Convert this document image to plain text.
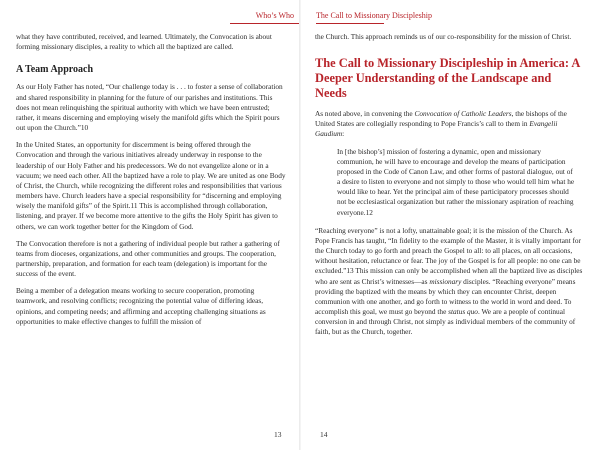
Who’s Who	The Call to Missionary Discipleship

what they have contributed, received, and learned. Ultimately, the Convocation is about forming missionary disciples, a reality to which all the baptized are called.

A Team Approach

As our Holy Father has noted, “Our challenge today is . . . to foster a sense of collaboration and shared responsibility in planning for the future of our parishes and institutions. This does not mean relinquishing the spiritual authority with which we have been entrusted; rather, it means discerning and employing wisely the manifold gifts which the Spirit pours out upon the Church.”10

In the United States, an opportunity for discernment is being offered through the Convocation and through the various initiatives already underway in response to the leadership of our Holy Father and his predecessors. We do not evangelize alone or in a vacuum; we need each other. All the baptized have a role to play. We are united as one Body of Christ, the Church, while recognizing the different roles and responsibilities that various members have. Church leaders have a special responsibility for “discerning and employing wisely the manifold gifts” of the Spirit.11 This is accomplished through collaboration, listening, and prayer. If we become more attentive to the gifts the Holy Spirit has given to others, we can work together better for the Kingdom of God.

The Convocation therefore is not a gathering of individual people but rather a gathering of teams from dioceses, organizations, and other communities and groups. The cooperation, partnership, preparation, and formation for each team (delegation) is important for the success of the event.

Being a member of a delegation means working to secure cooperation, promoting teamwork, and resolving conflicts; recognizing the potential value of differing ideas, opinions, and competing needs; and affirming and accepting challenging situations as opportunities to make effective changes to fulfill the mission of

the Church. This approach reminds us of our co-responsibility for the mission of Christ.

The Call to Missionary Discipleship in America: A Deeper Understanding of the Landscape and Needs

As noted above, in convening the Convocation of Catholic Leaders, the bishops of the United States are collegially responding to Pope Francis’s call to them in Evangelii Gaudium:

In [the bishop’s] mission of fostering a dynamic, open and missionary communion, he will have to encourage and develop the means of participation proposed in the Code of Canon Law, and other forms of pastoral dialogue, out of a desire to listen to everyone and not simply to those who would tell him what he would like to hear. Yet the principal aim of these participatory processes should not be ecclesiastical organization but rather the missionary aspiration of reaching everyone.12

“Reaching everyone” is not a lofty, unattainable goal; it is the mission of the Church. As Pope Francis has taught, “In fidelity to the example of the Master, it is vitally important for the Church today to go forth and preach the Gospel to all: to all places, on all occasions, without hesitation, reluctance or fear. The joy of the Gospel is for all people: no one can be excluded.”13 This mission can only be accomplished when all the baptized live as disciples who are sent as Christ’s witnesses—as missionary disciples. “Reaching everyone” means providing the baptized with the means by which they can encounter Christ, deepen communion with one another, and go forth to witness to the world in word and deed. To accomplish this goal, we must go beyond the status quo. We are a people of continual conversion in and through Christ, not simply as individual members of the community of faith, but as the Church, together.

13	14
